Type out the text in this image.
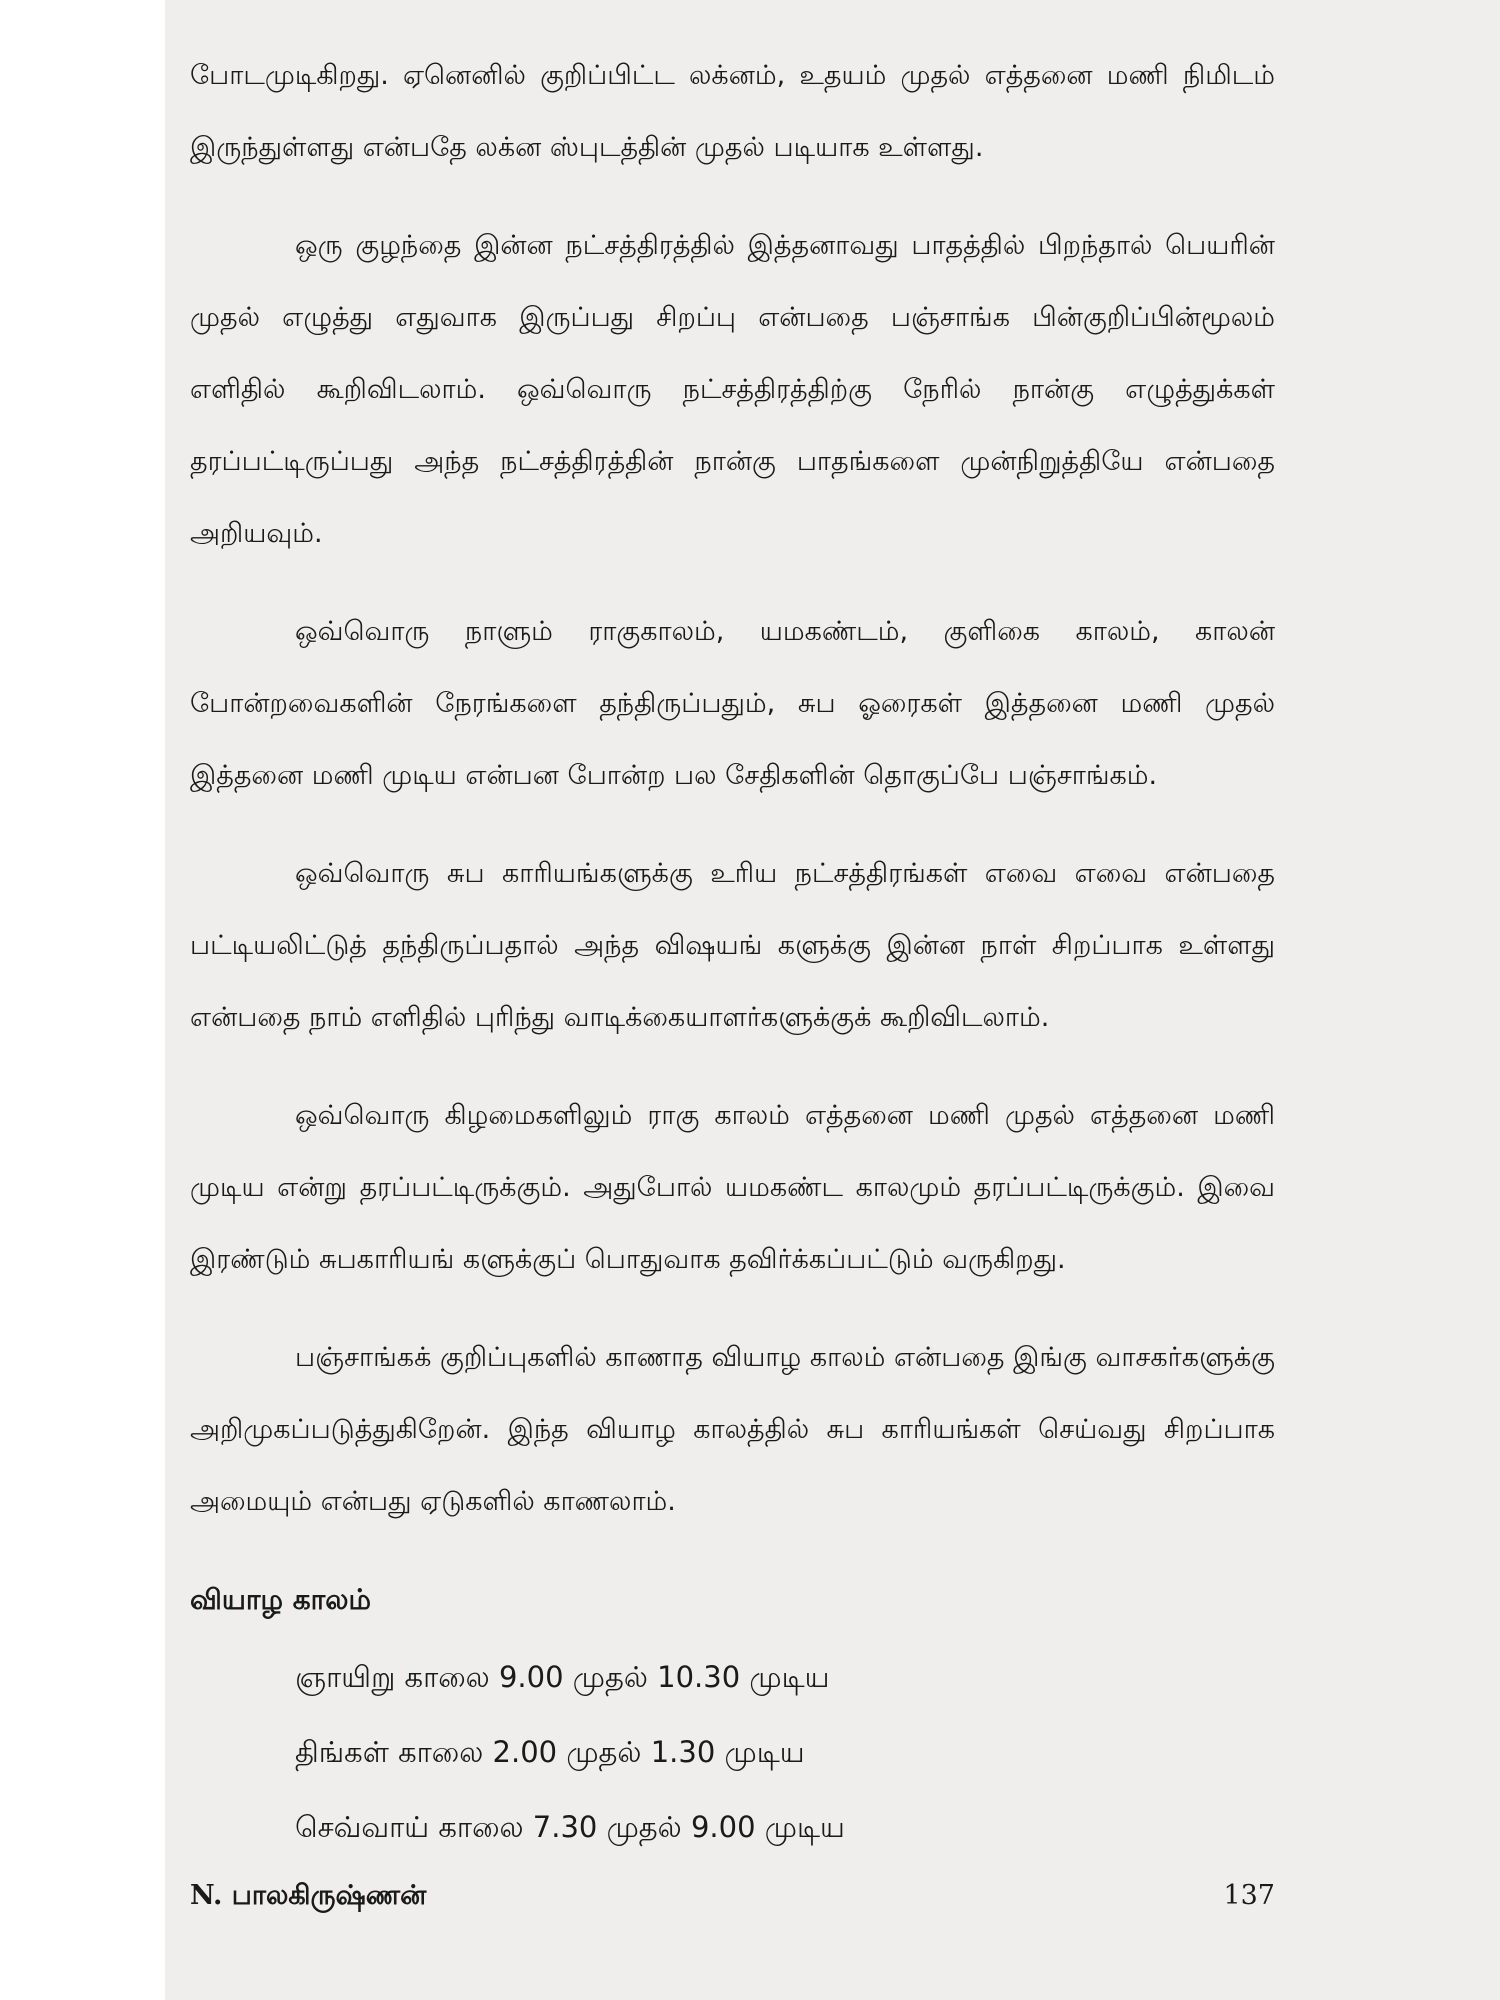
போடமுடிகிறது. ஏனெனில் குறிப்பிட்ட லக்னம், உதயம் முதல் எத்தனை மணி நிமிடம் இருந்துள்ளது என்பதே லக்ன ஸ்புடத்தின் முதல் படியாக உள்ளது.

ஒரு குழந்தை இன்ன நட்சத்திரத்தில் இத்தனாவது பாதத்தில் பிறந்தால் பெயரின் முதல் எழுத்து எதுவாக இருப்பது சிறப்பு என்பதை பஞ்சாங்க பின்குறிப்பின்மூலம் எளிதில் கூறிவிடலாம். ஒவ்வொரு நட்சத்திரத்திற்கு நேரில் நான்கு எழுத்துக்கள் தரப்பட்டிருப்பது அந்த நட்சத்திரத்தின் நான்கு பாதங்களை முன்நிறுத்தியே என்பதை அறியவும்.

ஒவ்வொரு நாளும் ராகுகாலம், யமகண்டம், குளிகை காலம், காலன் போன்றவைகளின் நேரங்களை தந்திருப்பதும், சுப ஓரைகள் இத்தனை மணி முதல் இத்தனை மணி முடிய என்பன போன்ற பல சேதிகளின் தொகுப்பே பஞ்சாங்கம்.

ஒவ்வொரு சுப காரியங்களுக்கு உரிய நட்சத்திரங்கள் எவை எவை என்பதை பட்டியலிட்டுத் தந்திருப்பதால் அந்த விஷயங் களுக்கு இன்ன நாள் சிறப்பாக உள்ளது என்பதை நாம் எளிதில் புரிந்து வாடிக்கையாளர்களுக்குக் கூறிவிடலாம்.

ஒவ்வொரு கிழமைகளிலும் ராகு காலம் எத்தனை மணி முதல் எத்தனை மணி முடிய என்று தரப்பட்டிருக்கும். அதுபோல் யமகண்ட காலமும் தரப்பட்டிருக்கும். இவை இரண்டும் சுபகாரியங் களுக்குப் பொதுவாக தவிர்க்கப்பட்டும் வருகிறது.

பஞ்சாங்கக் குறிப்புகளில் காணாத வியாழ காலம் என்பதை இங்கு வாசகர்களுக்கு அறிமுகப்படுத்துகிறேன். இந்த வியாழ காலத்தில் சுப காரியங்கள் செய்வது சிறப்பாக அமையும் என்பது ஏடுகளில் காணலாம்.

வியாழ காலம்
ஞாயிறு காலை 9.00 முதல் 10.30 முடிய
திங்கள் காலை 2.00 முதல் 1.30 முடிய
செவ்வாய் காலை 7.30 முதல் 9.00 முடிய
N. பாலகிருஷ்ணன்	137
